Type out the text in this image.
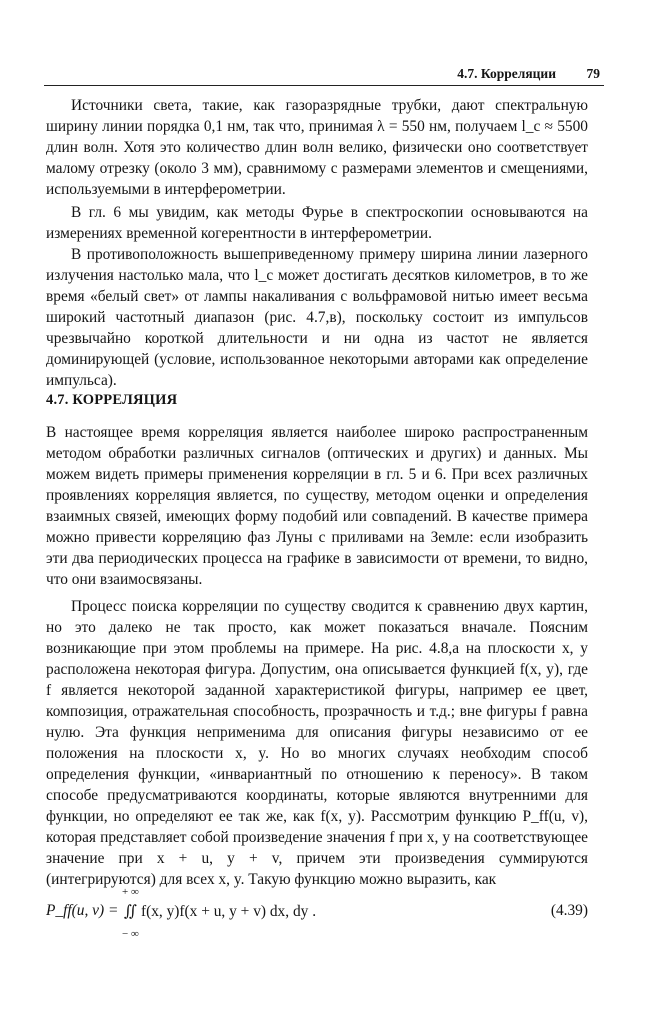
4.7. Корреляции 79

Источники света, такие, как газоразрядные трубки, дают спектральную ширину линии порядка 0,1 нм, так что, принимая λ = 550 нм, получаем l_c ≈ 5500 длин волн. Хотя это количество длин волн велико, физически оно соответствует малому отрезку (около 3 мм), сравнимому с размерами элементов и смещениями, используемыми в интерферометрии.

В гл. 6 мы увидим, как методы Фурье в спектроскопии основываются на измерениях временной когерентности в интерферометрии.

В противоположность вышеприведенному примеру ширина линии лазерного излучения настолько мала, что l_c может достигать десятков километров, в то же время «белый свет» от лампы накаливания с вольфрамовой нитью имеет весьма широкий частотный диапазон (рис. 4.7,в), поскольку состоит из импульсов чрезвычайно короткой длительности и ни одна из частот не является доминирующей (условие, использованное некоторыми авторами как определение импульса).

4.7. КОРРЕЛЯЦИЯ

В настоящее время корреляция является наиболее широко распространенным методом обработки различных сигналов (оптических и других) и данных. Мы можем видеть примеры применения корреляции в гл. 5 и 6. При всех различных проявлениях корреляция является, по существу, методом оценки и определения взаимных связей, имеющих форму подобий или совпадений. В качестве примера можно привести корреляцию фаз Луны с приливами на Земле: если изобразить эти два периодических процесса на графике в зависимости от времени, то видно, что они взаимосвязаны.

Процесс поиска корреляции по существу сводится к сравнению двух картин, но это далеко не так просто, как может показаться вначале. Поясним возникающие при этом проблемы на примере. На рис. 4.8,а на плоскости x, y расположена некоторая фигура. Допустим, она описывается функцией f(x, y), где f является некоторой заданной характеристикой фигуры, например ее цвет, композиция, отражательная способность, прозрачность и т.д.; вне фигуры f равна нулю. Эта функция неприменима для описания фигуры независимо от ее положения на плоскости x, y. Но во многих случаях необходим способ определения функции, «инвариантный по отношению к переносу». В таком способе предусматриваются координаты, которые являются внутренними для функции, но определяют ее так же, как f(x, y). Рассмотрим функцию P_ff(u, v), которая представляет собой произведение значения f при x, y на соответствующее значение при x + u, y + v, причем эти произведения суммируются (интегрируются) для всех x, y. Такую функцию можно выразить, как

P_ff(u, v) =
+ ∞
− ∞
∬ f(x, y)f(x + u, y + v) dx, dy .	(4.39)
